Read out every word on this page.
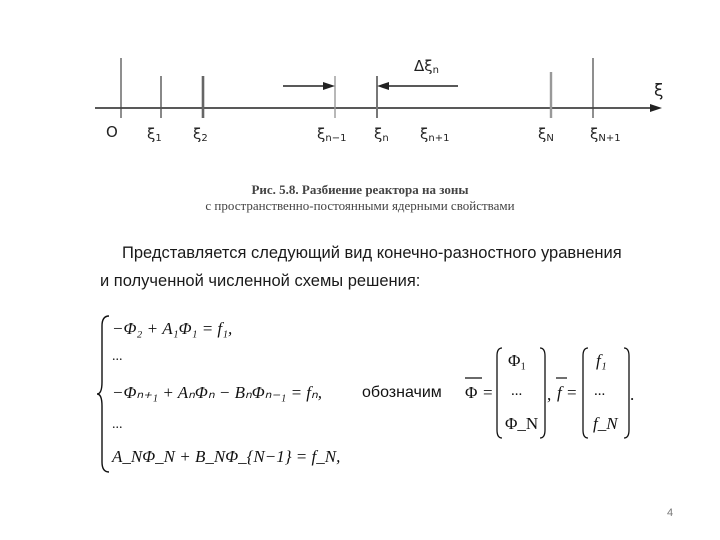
ξ
$\Delta\xi_n$
O $\xi_1$ $\xi_2$	$\xi_{n-1}$ $\xi_n$ $\xi_{n+1}$	$\xi_N$ $\xi_{N+1}$
Рис. 5.8. Разбиение реактора на зоны
с пространственно-постоянными ядерными свойствами
Представляется следующий вид конечно-разностного уравнения
и полученной численной схемы решения:
−Φ₂ + A₁Φ₁ = f₁,
...
−Φₙ₊₁ + AₙΦₙ − BₙΦₙ₋₁ = fₙ,
...
A_NΦ_N + B_NΦ_{N−1} = f_N,
обозначим Φ =
Φ₁
...
Φ_N
, f =
f₁
...
f_N
.
4
